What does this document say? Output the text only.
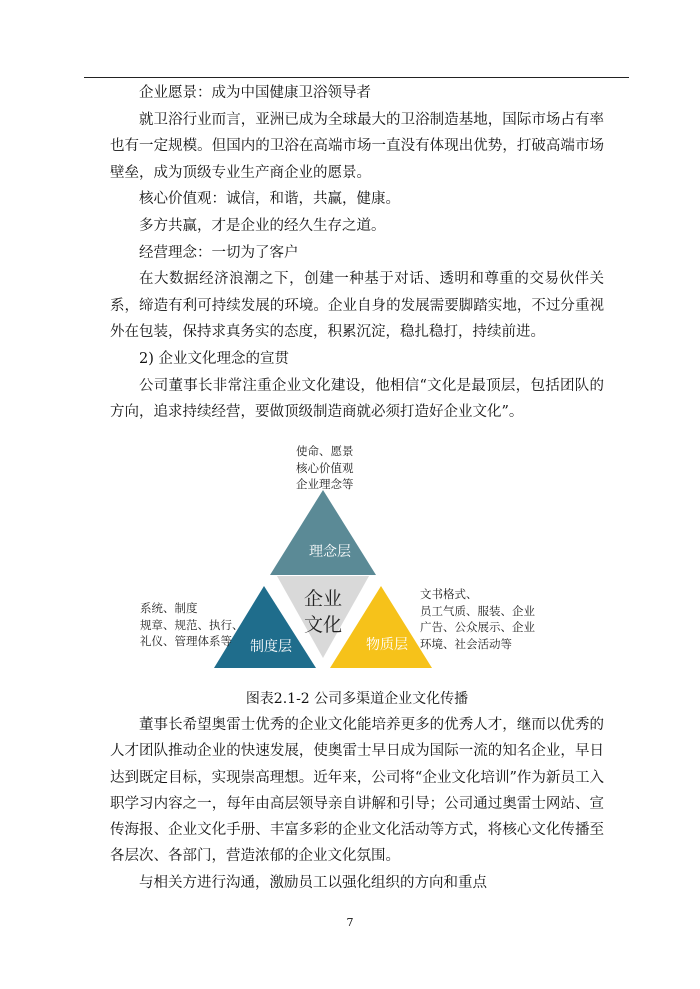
企业愿景：成为中国健康卫浴领导者

就卫浴行业而言，亚洲已成为全球最大的卫浴制造基地，国际市场占有率也有一定规模。但国内的卫浴在高端市场一直没有体现出优势，打破高端市场壁垒，成为顶级专业生产商企业的愿景。

核心价值观：诚信，和谐，共赢，健康。

多方共赢，才是企业的经久生存之道。

经营理念：一切为了客户

在大数据经济浪潮之下，创建一种基于对话、透明和尊重的交易伙伴关系，缔造有利可持续发展的环境。企业自身的发展需要脚踏实地，不过分重视外在包装，保持求真务实的态度，积累沉淀，稳扎稳打，持续前进。

2) 企业文化理念的宣贯

公司董事长非常注重企业文化建设，他相信“文化是最顶层，包括团队的方向，追求持续经营，要做顶级制造商就必须打造好企业文化”。

理念层
企业
文化
制度层	物质层
使命、愿景
核心价值观
企业理念等
系统、制度
规章、规范、执行、
礼仪、管理体系等
文书格式、
员工气质、服装、企业
广告、公众展示、企业
环境、社会活动等
图表2.1-2 公司多渠道企业文化传播

董事长希望奥雷士优秀的企业文化能培养更多的优秀人才，继而以优秀的人才团队推动企业的快速发展，使奥雷士早日成为国际一流的知名企业，早日达到既定目标，实现崇高理想。近年来，公司将“企业文化培训”作为新员工入职学习内容之一，每年由高层领导亲自讲解和引导；公司通过奥雷士网站、宣传海报、企业文化手册、丰富多彩的企业文化活动等方式，将核心文化传播至各层次、各部门，营造浓郁的企业文化氛围。

与相关方进行沟通，激励员工以强化组织的方向和重点

7
